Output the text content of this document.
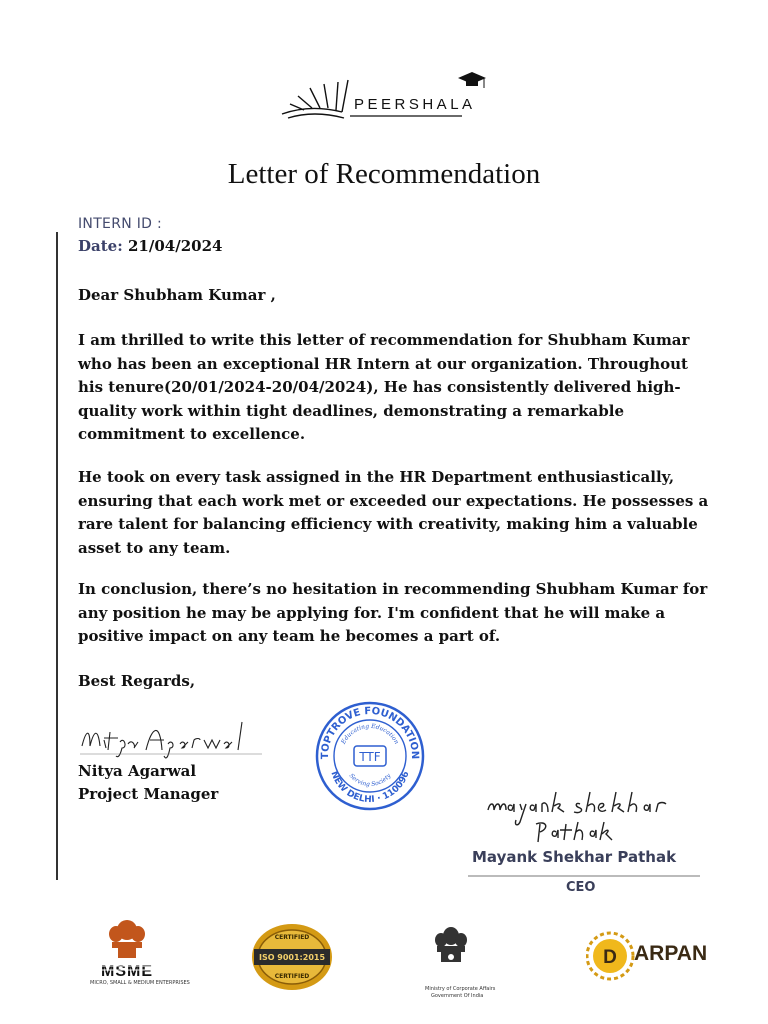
PEERSHALA
Letter of Recommendation
INTERN ID :
Date: 21/04/2024
Dear Shubham Kumar ,
I am thrilled to write this letter of recommendation for Shubham Kumar who has been an exceptional HR Intern at our organization. Throughout his tenure(20/01/2024-20/04/2024), He has consistently delivered high-quality work within tight deadlines, demonstrating a remarkable commitment to excellence.
He took on every task assigned in the HR Department enthusiastically, ensuring that each work met or exceeded our expectations. He possesses a rare talent for balancing efficiency with creativity, making him a valuable asset to any team.
In conclusion, there’s no hesitation in recommending Shubham Kumar for any position he may be applying for. I'm confident that he will make a positive impact on any team he becomes a part of.
Best Regards,
Nitya Agarwal
Project Manager
TOPTROVE FOUNDATION
NEW DELHI · 110096
Educating Education
Serving Society
TTF
Mayank Shekhar Pathak
CEO
MSME
MICRO, SMALL & MEDIUM ENTERPRISES
CERTIFIED
ISO 9001:2015
CERTIFIED
Ministry of Corporate Affairs
Government Of India
D ARPAN
